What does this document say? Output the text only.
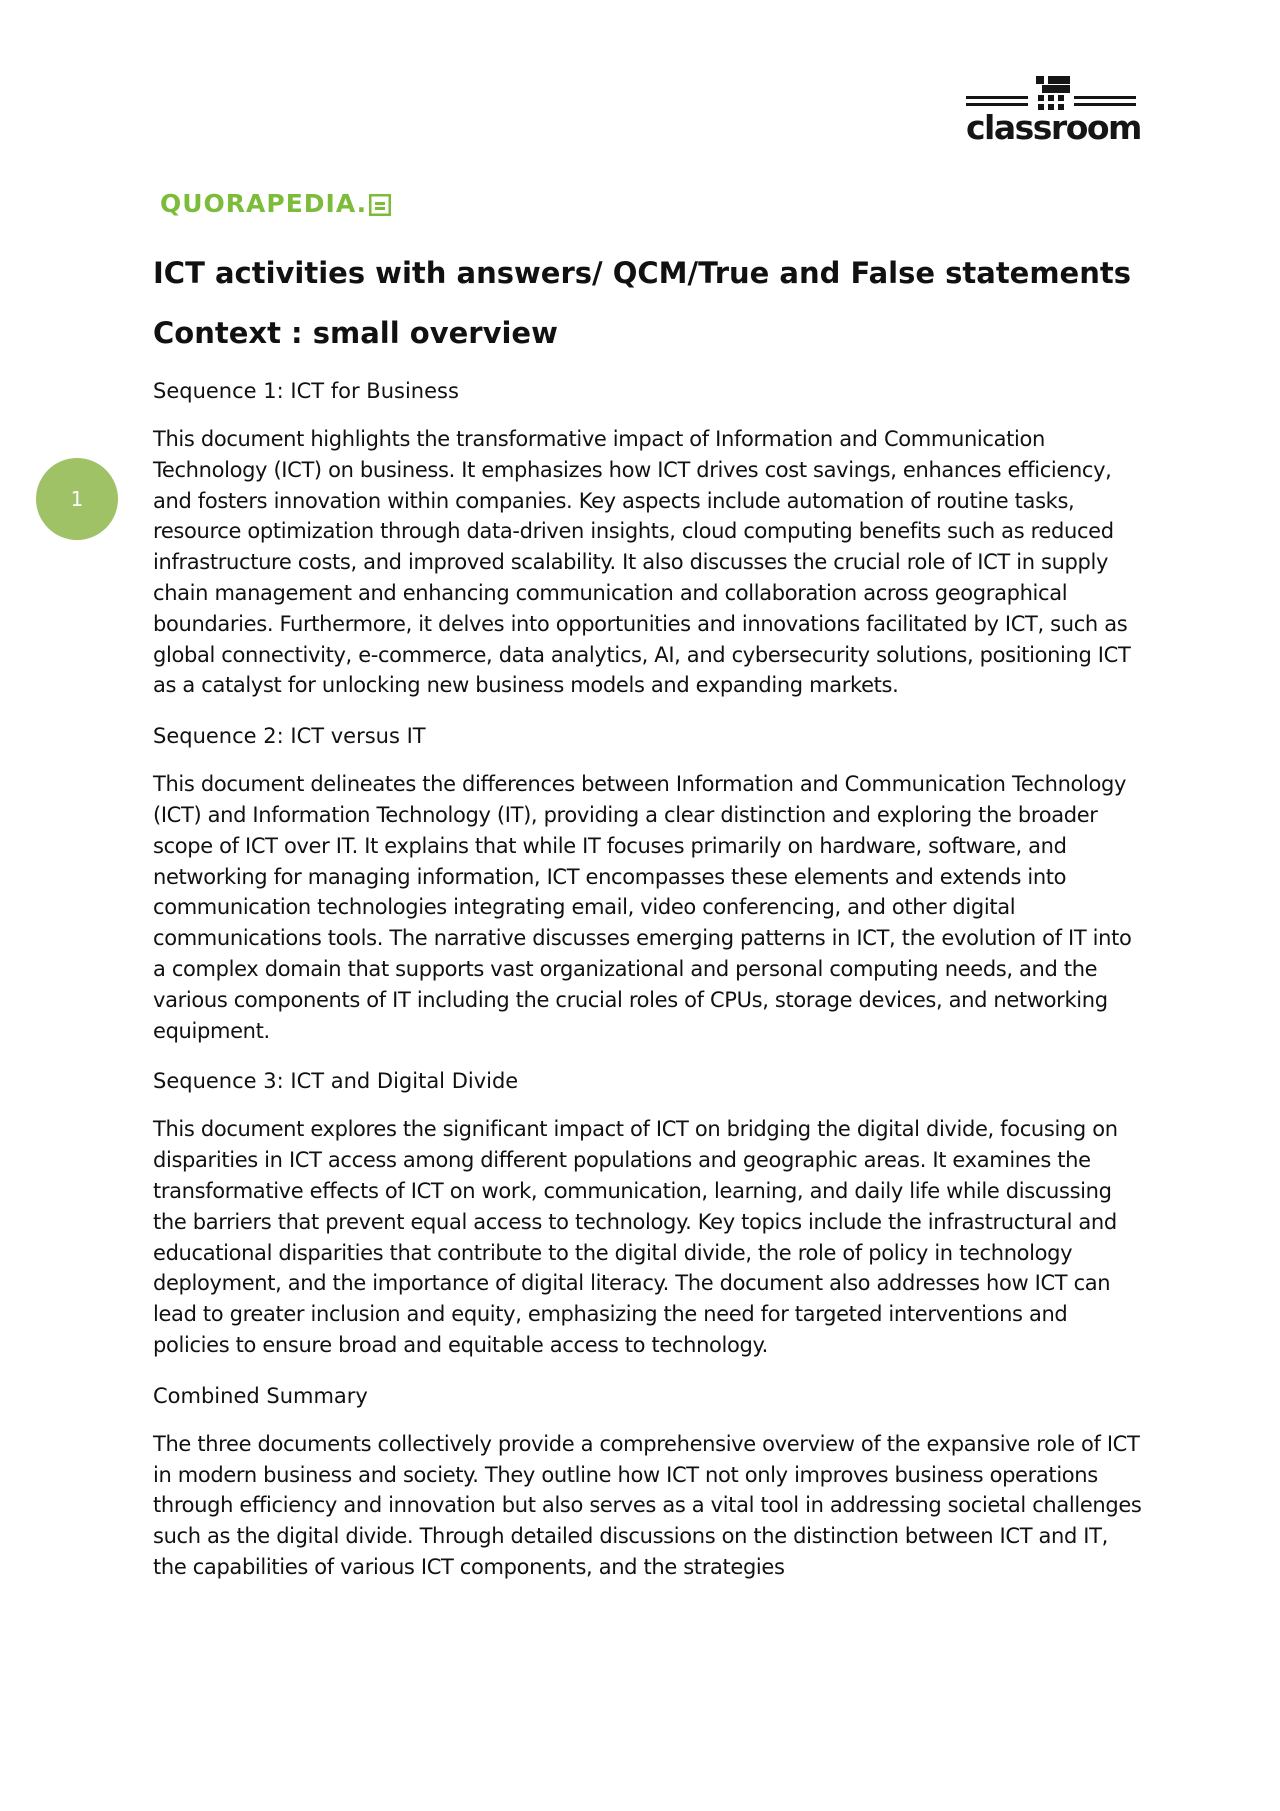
classroom
QUORAPEDIA.
1
ICT activities with answers/ QCM/True and False statements
Context : small overview

Sequence 1: ICT for Business

This document highlights the transformative impact of Information and Communication Technology (ICT) on business. It emphasizes how ICT drives cost savings, enhances efficiency, and fosters innovation within companies. Key aspects include automation of routine tasks, resource optimization through data-driven insights, cloud computing benefits such as reduced infrastructure costs, and improved scalability. It also discusses the crucial role of ICT in supply chain management and enhancing communication and collaboration across geographical boundaries. Furthermore, it delves into opportunities and innovations facilitated by ICT, such as global connectivity, e-commerce, data analytics, AI, and cybersecurity solutions, positioning ICT as a catalyst for unlocking new business models and expanding markets.

Sequence 2: ICT versus IT

This document delineates the differences between Information and Communication Technology (ICT) and Information Technology (IT), providing a clear distinction and exploring the broader scope of ICT over IT. It explains that while IT focuses primarily on hardware, software, and networking for managing information, ICT encompasses these elements and extends into communication technologies integrating email, video conferencing, and other digital communications tools. The narrative discusses emerging patterns in ICT, the evolution of IT into a complex domain that supports vast organizational and personal computing needs, and the various components of IT including the crucial roles of CPUs, storage devices, and networking equipment.

Sequence 3: ICT and Digital Divide

This document explores the significant impact of ICT on bridging the digital divide, focusing on disparities in ICT access among different populations and geographic areas. It examines the transformative effects of ICT on work, communication, learning, and daily life while discussing the barriers that prevent equal access to technology. Key topics include the infrastructural and educational disparities that contribute to the digital divide, the role of policy in technology deployment, and the importance of digital literacy. The document also addresses how ICT can lead to greater inclusion and equity, emphasizing the need for targeted interventions and policies to ensure broad and equitable access to technology.

Combined Summary

The three documents collectively provide a comprehensive overview of the expansive role of ICT in modern business and society. They outline how ICT not only improves business operations through efficiency and innovation but also serves as a vital tool in addressing societal challenges such as the digital divide. Through detailed discussions on the distinction between ICT and IT, the capabilities of various ICT components, and the strategies
